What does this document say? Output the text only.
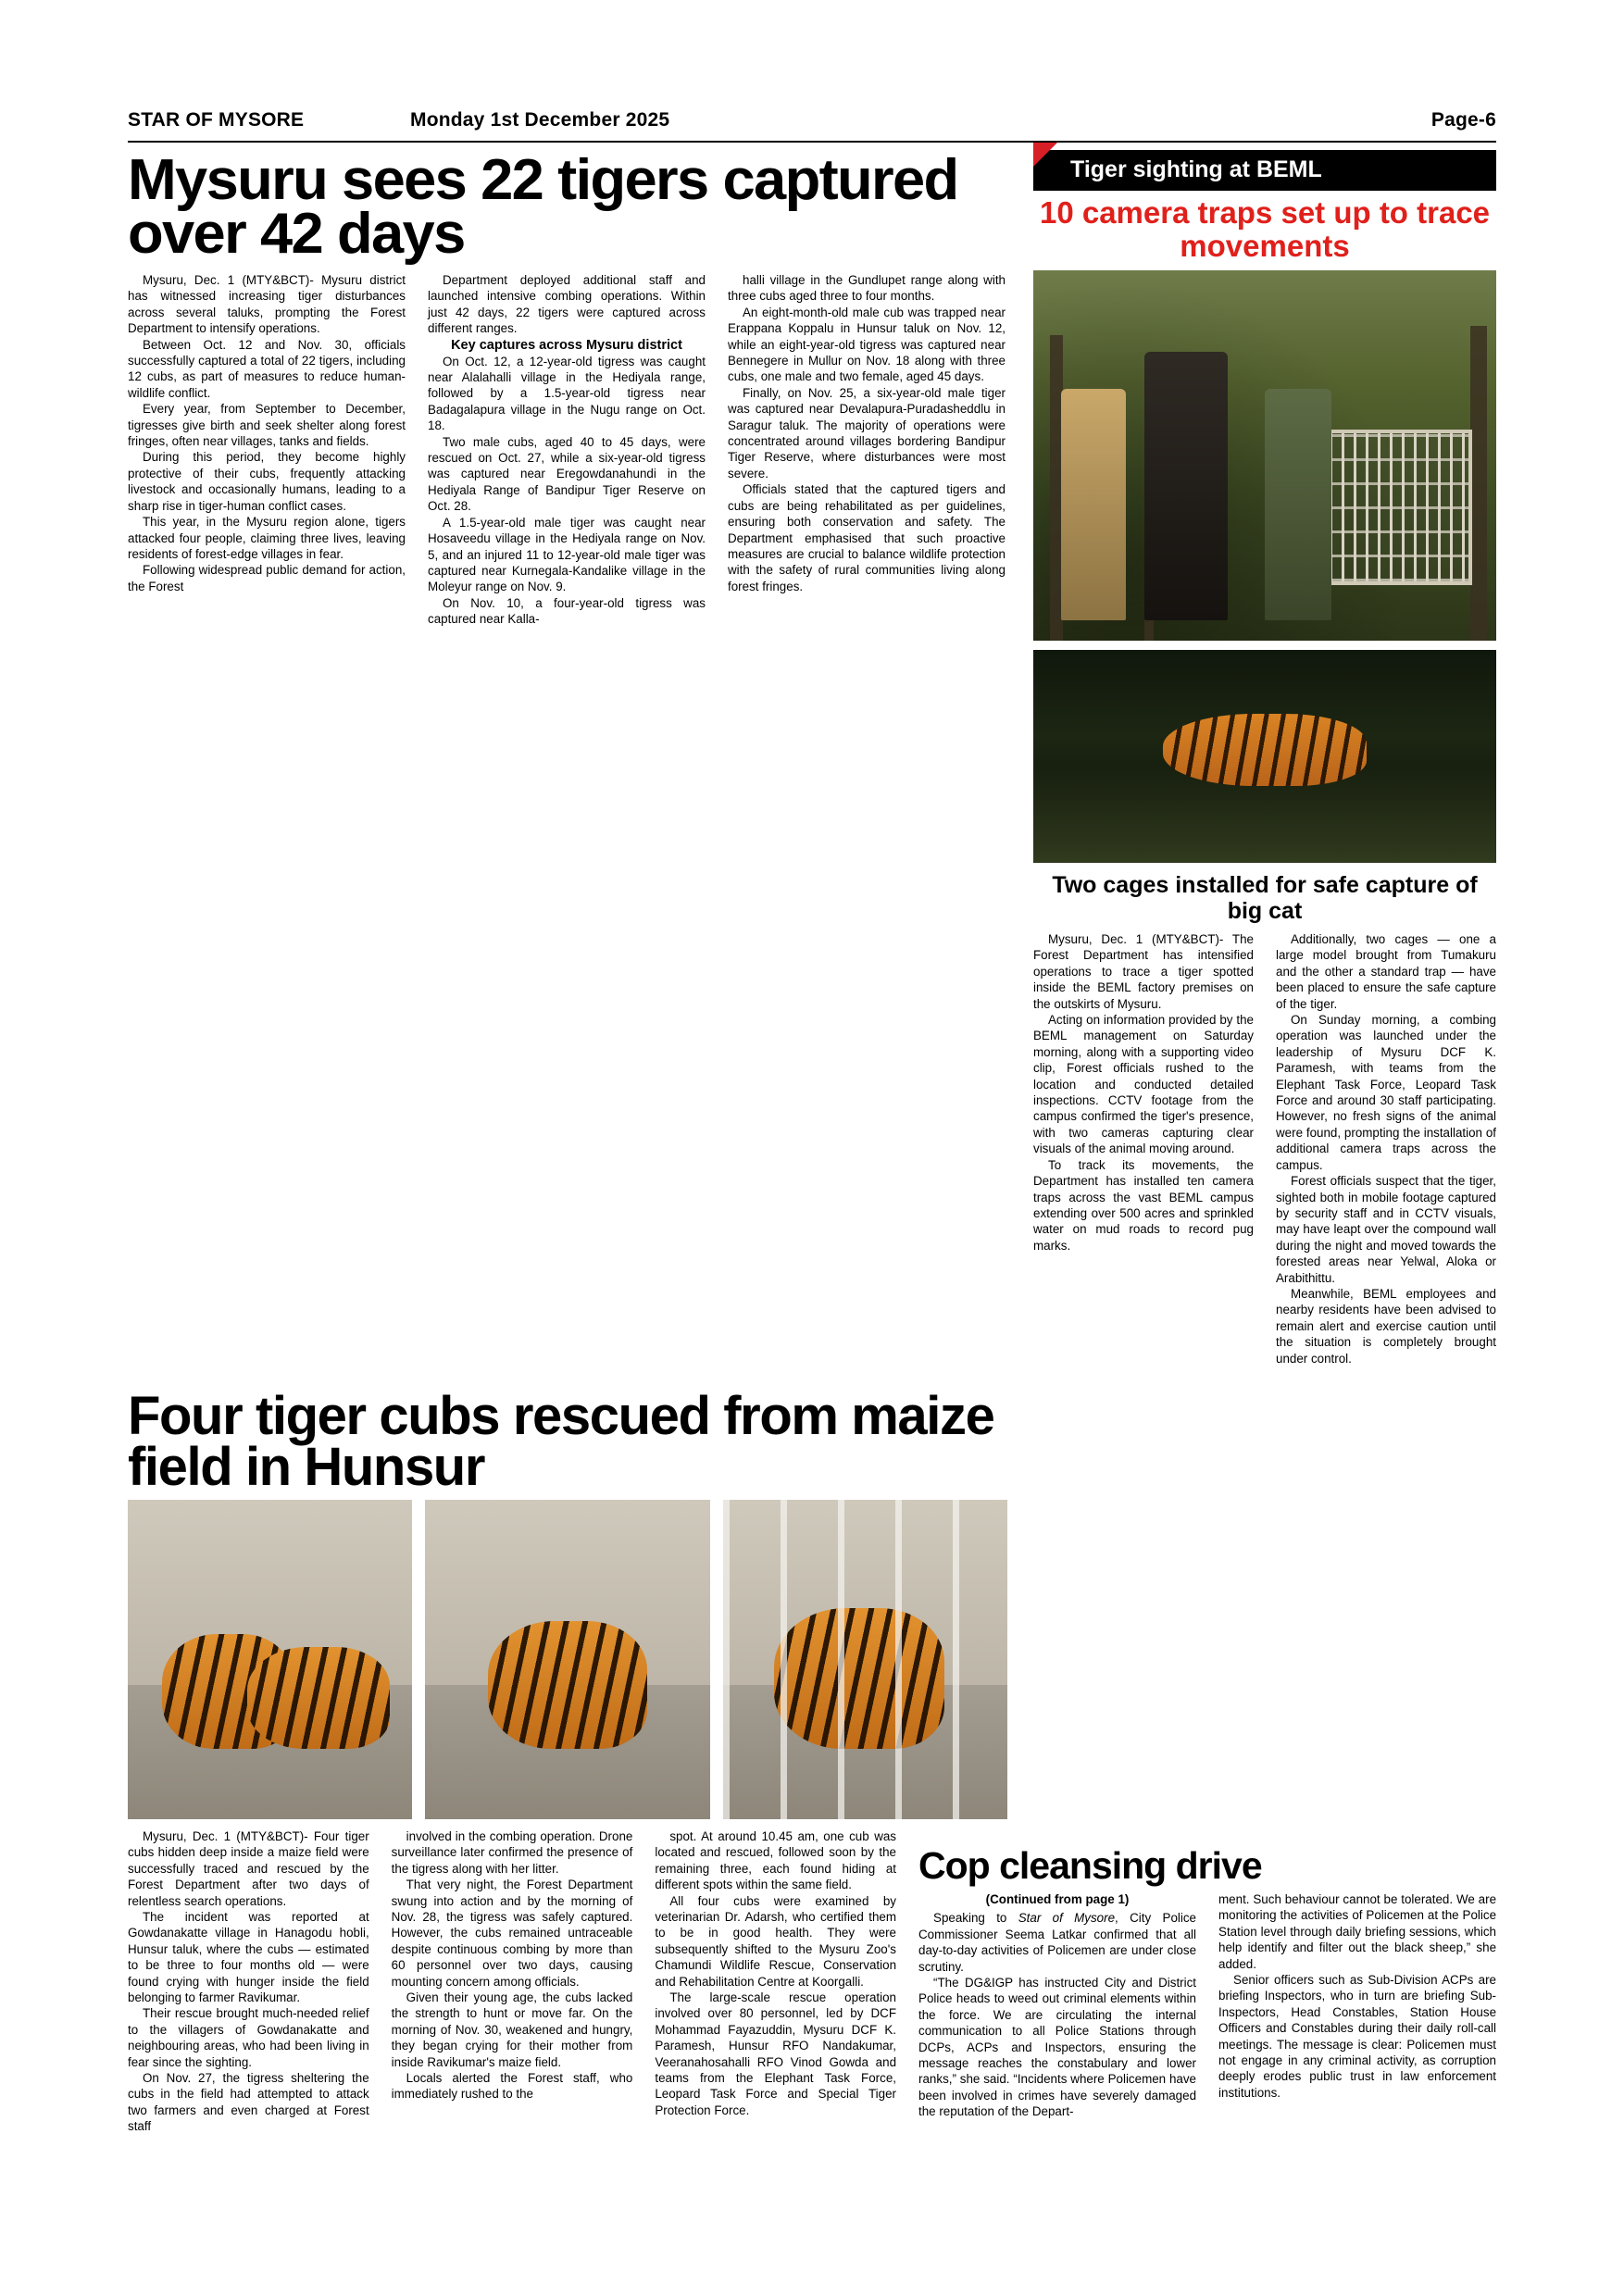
STAR OF MYSORE	Monday 1st December 2025	Page-6
Mysuru sees 22 tigers captured over 42 days

Mysuru, Dec. 1 (MTY&BCT)- Mysuru district has witnessed increasing tiger disturbances across several taluks, prompting the Forest Department to intensify operations.

Between Oct. 12 and Nov. 30, officials successfully captured a total of 22 tigers, including 12 cubs, as part of measures to reduce human-wildlife conflict.

Every year, from September to December, tigresses give birth and seek shelter along forest fringes, often near villages, tanks and fields.

During this period, they become highly protective of their cubs, frequently attacking livestock and occasionally humans, leading to a sharp rise in tiger-human conflict cases.

This year, in the Mysuru region alone, tigers attacked four people, claiming three lives, leaving residents of forest-edge villages in fear.

Following widespread public demand for action, the Forest

Department deployed additional staff and launched intensive combing operations. Within just 42 days, 22 tigers were captured across different ranges.

Key captures across Mysuru district

On Oct. 12, a 12-year-old tigress was caught near Alalahalli village in the Hediyala range, followed by a 1.5-year-old tigress near Badagalapura village in the Nugu range on Oct. 18.

Two male cubs, aged 40 to 45 days, were rescued on Oct. 27, while a six-year-old tigress was captured near Eregowdanahundi in the Hediyala Range of Bandipur Tiger Reserve on Oct. 28.

A 1.5-year-old male tiger was caught near Hosaveedu village in the Hediyala range on Nov. 5, and an injured 11 to 12-year-old male tiger was captured near Kurnegala-Kandalike village in the Moleyur range on Nov. 9.

On Nov. 10, a four-year-old tigress was captured near Kalla-

halli village in the Gundlupet range along with three cubs aged three to four months.

An eight-month-old male cub was trapped near Erappana Koppalu in Hunsur taluk on Nov. 12, while an eight-year-old tigress was captured near Bennegere in Mullur on Nov. 18 along with three cubs, one male and two female, aged 45 days.

Finally, on Nov. 25, a six-year-old male tiger was captured near Devalapura-Puradasheddlu in Saragur taluk. The majority of operations were concentrated around villages bordering Bandipur Tiger Reserve, where disturbances were most severe.

Officials stated that the captured tigers and cubs are being rehabilitated as per guidelines, ensuring both conservation and safety. The Department emphasised that such proactive measures are crucial to balance wildlife protection with the safety of rural communities living along forest fringes.

Tiger sighting at BEML
10 camera traps set up to trace movements
Two cages installed for safe capture of big cat

Mysuru, Dec. 1 (MTY&BCT)- The Forest Department has intensified operations to trace a tiger spotted inside the BEML factory premises on the outskirts of Mysuru.

Acting on information provided by the BEML management on Saturday morning, along with a supporting video clip, Forest officials rushed to the location and conducted detailed inspections. CCTV footage from the campus confirmed the tiger's presence, with two cameras capturing clear visuals of the animal moving around.

To track its movements, the Department has installed ten camera traps across the vast BEML campus extending over 500 acres and sprinkled water on mud roads to record pug marks.

Additionally, two cages — one a large model brought from Tumakuru and the other a standard trap — have been placed to ensure the safe capture of the tiger.

On Sunday morning, a combing operation was launched under the leadership of Mysuru DCF K. Paramesh, with teams from the Elephant Task Force, Leopard Task Force and around 30 staff participating. However, no fresh signs of the animal were found, prompting the installation of additional camera traps across the campus.

Forest officials suspect that the tiger, sighted both in mobile footage captured by security staff and in CCTV visuals, may have leapt over the compound wall during the night and moved towards the forested areas near Yelwal, Aloka or Arabithittu.

Meanwhile, BEML employees and nearby residents have been advised to remain alert and exercise caution until the situation is completely brought under control.

Four tiger cubs rescued from maize field in Hunsur

Mysuru, Dec. 1 (MTY&BCT)- Four tiger cubs hidden deep inside a maize field were successfully traced and rescued by the Forest Department after two days of relentless search operations.

The incident was reported at Gowdanakatte village in Hanagodu hobli, Hunsur taluk, where the cubs — estimated to be three to four months old — were found crying with hunger inside the field belonging to farmer Ravikumar.

Their rescue brought much-needed relief to the villagers of Gowdanakatte and neighbouring areas, who had been living in fear since the sighting.

On Nov. 27, the tigress sheltering the cubs in the field had attempted to attack two farmers and even charged at Forest staff

involved in the combing operation. Drone surveillance later confirmed the presence of the tigress along with her litter.

That very night, the Forest Department swung into action and by the morning of Nov. 28, the tigress was safely captured. However, the cubs remained untraceable despite continuous combing by more than 60 personnel over two days, causing mounting concern among officials.

Given their young age, the cubs lacked the strength to hunt or move far. On the morning of Nov. 30, weakened and hungry, they began crying for their mother from inside Ravikumar's maize field.

Locals alerted the Forest staff, who immediately rushed to the

spot. At around 10.45 am, one cub was located and rescued, followed soon by the remaining three, each found hiding at different spots within the same field.

All four cubs were examined by veterinarian Dr. Adarsh, who certified them to be in good health. They were subsequently shifted to the Mysuru Zoo's Chamundi Wildlife Rescue, Conservation and Rehabilitation Centre at Koorgalli.

The large-scale rescue operation involved over 80 personnel, led by DCF Mohammad Fayazuddin, Mysuru DCF K. Paramesh, Hunsur RFO Nandakumar, Veeranahosahalli RFO Vinod Gowda and teams from the Elephant Task Force, Leopard Task Force and Special Tiger Protection Force.

Cop cleansing drive
(Continued from page 1)

Speaking to Star of Mysore, City Police Commissioner Seema Latkar confirmed that all day-to-day activities of Policemen are under close scrutiny.

“The DG&IGP has instructed City and District Police heads to weed out criminal elements within the force. We are circulating the internal communication to all Police Stations through DCPs, ACPs and Inspectors, ensuring the message reaches the constabulary and lower ranks,” she said. “Incidents where Policemen have been involved in crimes have severely damaged the reputation of the Depart-

ment. Such behaviour cannot be tolerated. We are monitoring the activities of Policemen at the Police Station level through daily briefing sessions, which help identify and filter out the black sheep,” she added.

Senior officers such as Sub-Division ACPs are briefing Inspectors, who in turn are briefing Sub-Inspectors, Head Constables, Station House Officers and Constables during their daily roll-call meetings. The message is clear: Policemen must not engage in any criminal activity, as corruption deeply erodes public trust in law enforcement institutions.
